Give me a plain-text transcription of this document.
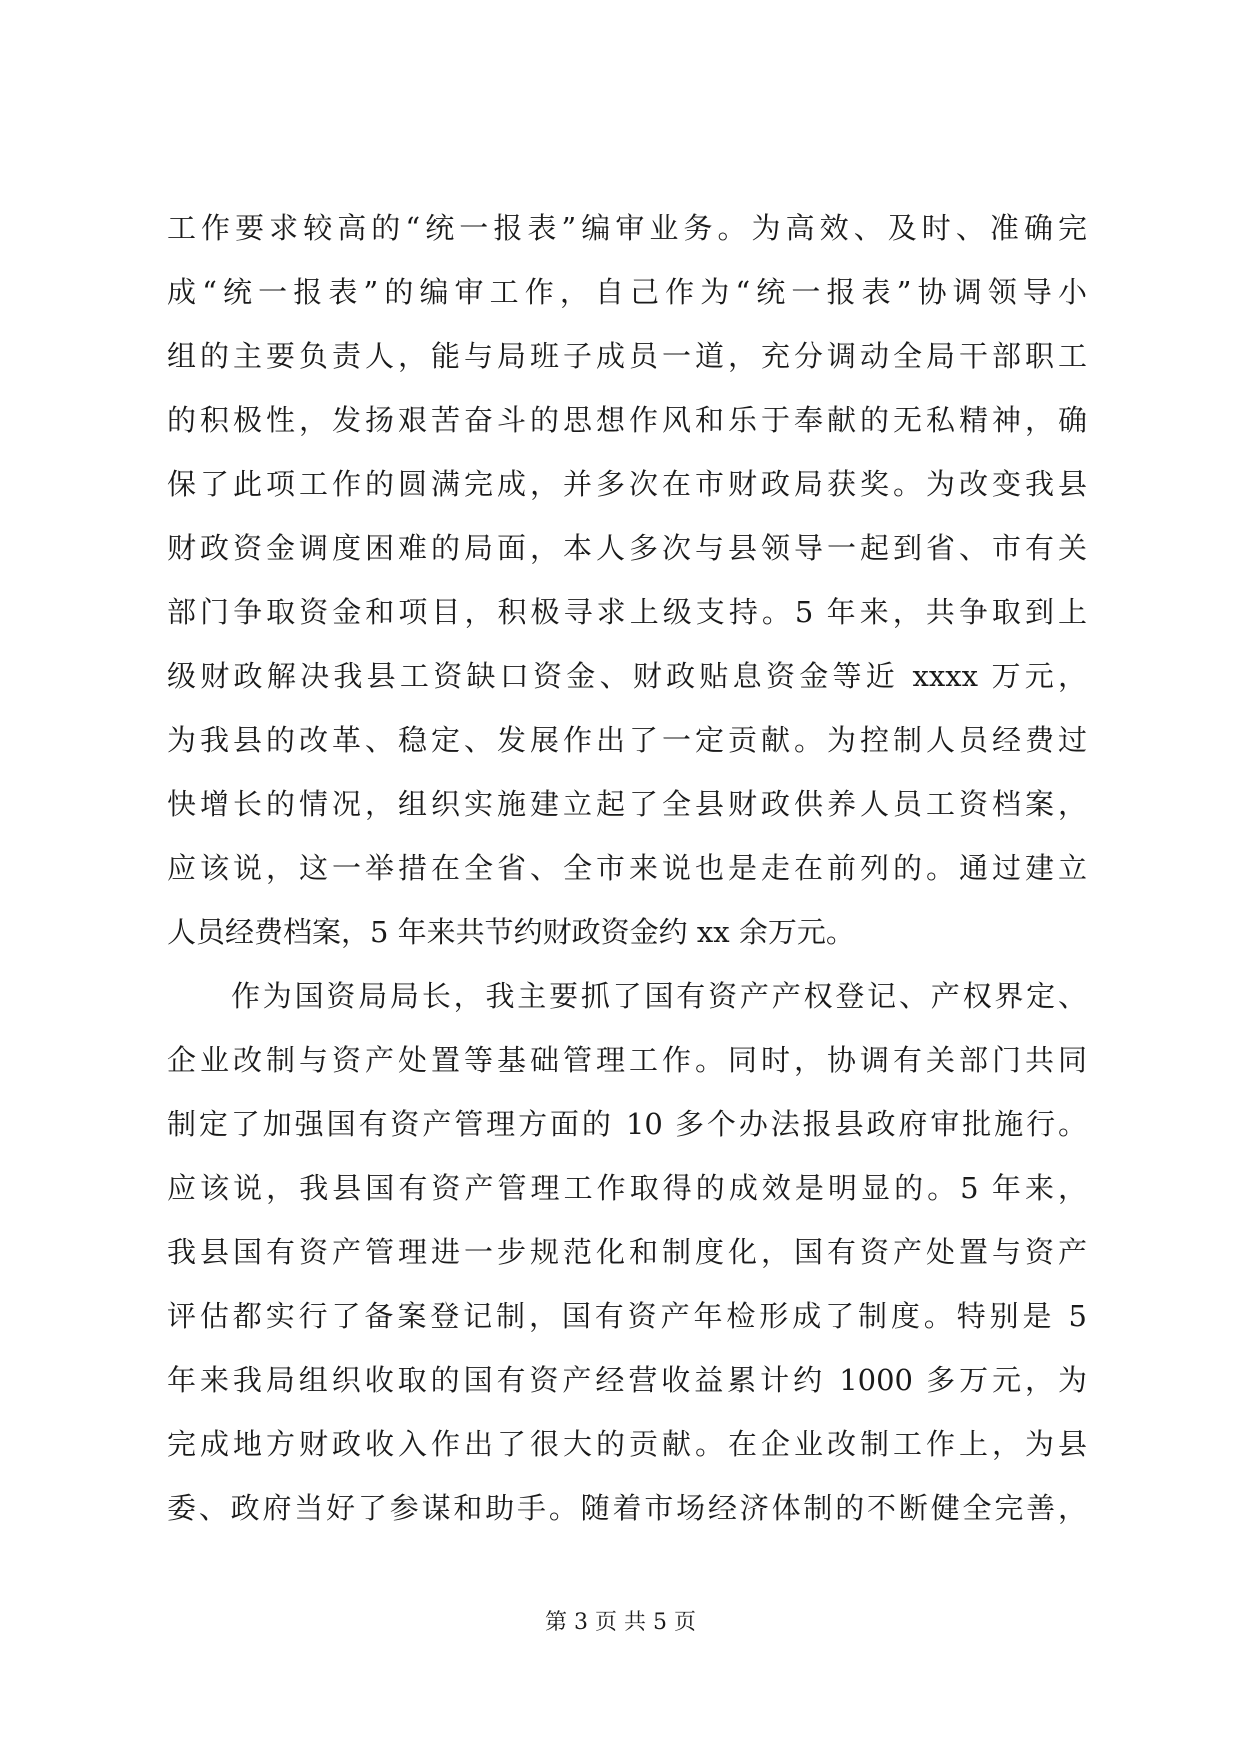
工作要求较高的“统一报表”编审业务。为高效、及时、准确完
成“统一报表”的编审工作，自己作为“统一报表”协调领导小
组的主要负责人，能与局班子成员一道，充分调动全局干部职工
的积极性，发扬艰苦奋斗的思想作风和乐于奉献的无私精神，确
保了此项工作的圆满完成，并多次在市财政局获奖。为改变我县
财政资金调度困难的局面，本人多次与县领导一起到省、市有关
部门争取资金和项目，积极寻求上级支持。5 年来，共争取到上
级财政解决我县工资缺口资金、财政贴息资金等近 xxxx 万元，
为我县的改革、稳定、发展作出了一定贡献。为控制人员经费过
快增长的情况，组织实施建立起了全县财政供养人员工资档案，
应该说，这一举措在全省、全市来说也是走在前列的。通过建立
人员经费档案，5 年来共节约财政资金约 xx 余万元。
作为国资局局长，我主要抓了国有资产产权登记、产权界定、
企业改制与资产处置等基础管理工作。同时，协调有关部门共同
制定了加强国有资产管理方面的 10 多个办法报县政府审批施行。
应该说，我县国有资产管理工作取得的成效是明显的。5 年来，
我县国有资产管理进一步规范化和制度化，国有资产处置与资产
评估都实行了备案登记制，国有资产年检形成了制度。特别是 5
年来我局组织收取的国有资产经营收益累计约 1000 多万元，为
完成地方财政收入作出了很大的贡献。在企业改制工作上，为县
委、政府当好了参谋和助手。随着市场经济体制的不断健全完善，
第 3 页 共 5 页
